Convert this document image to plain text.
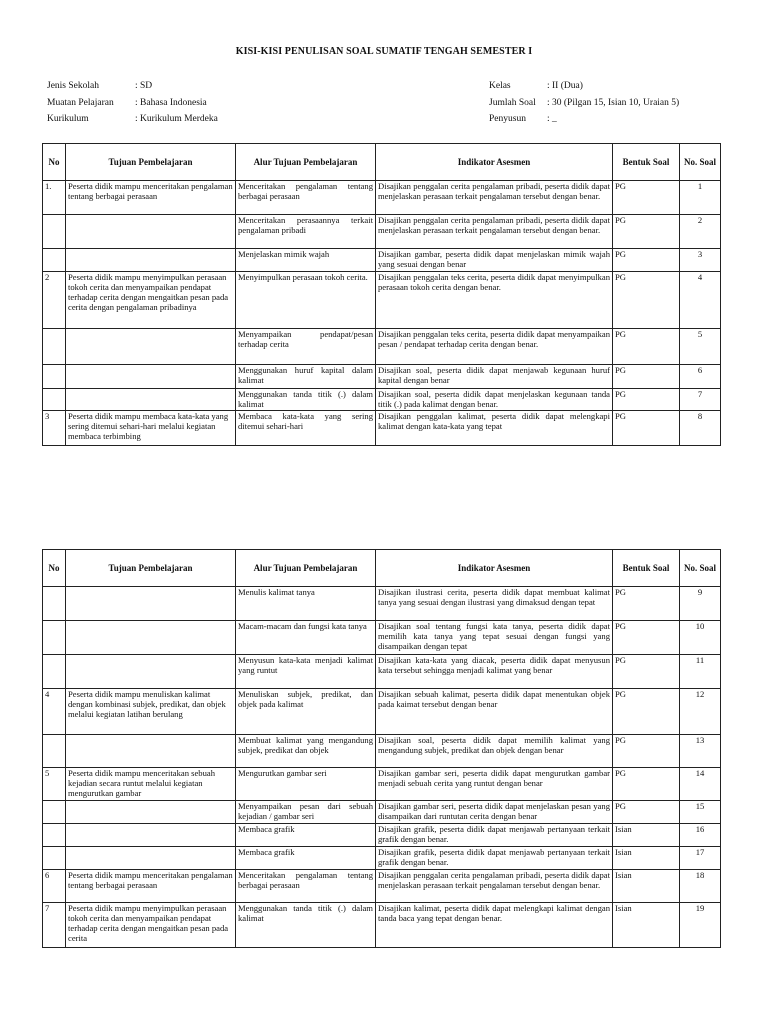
KISI-KISI PENULISAN SOAL SUMATIF TENGAH SEMESTER I
Jenis Sekolah	: SD
Muatan Pelajaran	: Bahasa Indonesia
Kurikulum	: Kurikulum Merdeka
Kelas	: II (Dua)
Jumlah Soal	: 30 (Pilgan 15, Isian 10, Uraian 5)
Penyusun	: _
No	Tujuan Pembelajaran	Alur Tujuan Pembelajaran	Indikator Asesmen	Bentuk Soal	No. Soal
1.	Peserta didik mampu menceritakan pengalaman tentang berbagai perasaan	Menceritakan pengalaman tentang berbagai perasaan	Disajikan penggalan cerita pengalaman pribadi, peserta didik dapat menjelaskan perasaan terkait pengalaman tersebut dengan benar.	PG	1
		Menceritakan perasaannya terkait pengalaman pribadi	Disajikan penggalan cerita pengalaman pribadi, peserta didik dapat menjelaskan perasaan terkait pengalaman tersebut dengan benar.	PG	2
		Menjelaskan mimik wajah	Disajikan gambar, peserta didik dapat menjelaskan mimik wajah yang sesuai dengan benar	PG	3
2	Peserta didik mampu menyimpulkan perasaan tokoh cerita dan menyampaikan pendapat terhadap cerita dengan mengaitkan pesan pada cerita dengan pengalaman pribadinya	Menyimpulkan perasaan tokoh cerita.	Disajikan penggalan teks cerita, peserta didik dapat menyimpulkan perasaan tokoh cerita dengan benar.	PG	4
		Menyampaikan pendapat/pesan terhadap cerita	Disajikan penggalan teks cerita, peserta didik dapat menyampaikan pesan / pendapat terhadap cerita dengan benar.	PG	5
		Menggunakan huruf kapital dalam kalimat	Disajikan soal, peserta didik dapat menjawab kegunaan huruf kapital dengan benar	PG	6
		Menggunakan tanda titik (.) dalam kalimat	Disajikan soal, peserta didik dapat menjelaskan kegunaan tanda titik (.) pada kalimat dengan benar.	PG	7
3	Peserta didik mampu membaca kata-kata yang sering ditemui sehari-hari melalui kegiatan membaca terbimbing	Membaca kata-kata yang sering ditemui sehari-hari	Disajikan penggalan kalimat, peserta didik dapat melengkapi kalimat dengan kata-kata yang tepat	PG	8
No	Tujuan Pembelajaran	Alur Tujuan Pembelajaran	Indikator Asesmen	Bentuk Soal	No. Soal
		Menulis kalimat tanya	Disajikan ilustrasi cerita, peserta didik dapat membuat kalimat tanya yang sesuai dengan ilustrasi yang dimaksud dengan tepat	PG	9
		Macam-macam dan fungsi kata tanya	Disajikan soal tentang fungsi kata tanya, peserta didik dapat memilih kata tanya yang tepat sesuai dengan fungsi yang disampaikan dengan tepat	PG	10
		Menyusun kata-kata menjadi kalimat yang runtut	Disajikan kata-kata yang diacak, peserta didik dapat menyusun kata tersebut sehingga menjadi kalimat yang benar	PG	11
4	Peserta didik mampu menuliskan kalimat dengan kombinasi subjek, predikat, dan objek melalui kegiatan latihan berulang	Menuliskan subjek, predikat, dan objek pada kalimat	Disajikan sebuah kalimat, peserta didik dapat menentukan objek pada kaimat tersebut dengan benar	PG	12
		Membuat kalimat yang mengandung subjek, predikat dan objek	Disajikan soal, peserta didik dapat memilih kalimat yang mengandung subjek, predikat dan objek dengan benar	PG	13
5	Peserta didik mampu menceritakan sebuah kejadian secara runtut melalui kegiatan mengurutkan gambar	Mengurutkan gambar seri	Disajikan gambar seri, peserta didik dapat mengurutkan gambar menjadi sebuah cerita yang runtut dengan benar	PG	14
		Menyampaikan pesan dari sebuah kejadian / gambar seri	Disajikan gambar seri, peserta didik dapat menjelaskan pesan yang disampaikan dari runtutan cerita dengan benar	PG	15
		Membaca grafik	Disajikan grafik, peserta didik dapat menjawab pertanyaan terkait grafik dengan benar.	Isian	16
		Membaca grafik	Disajikan grafik, peserta didik dapat menjawab pertanyaan terkait grafik dengan benar.	Isian	17
6	Peserta didik mampu menceritakan pengalaman tentang berbagai perasaan	Menceritakan pengalaman tentang berbagai perasaan	Disajikan penggalan cerita pengalaman pribadi, peserta didik dapat menjelaskan perasaan terkait pengalaman tersebut dengan benar.	Isian	18
7	Peserta didik mampu menyimpulkan perasaan tokoh cerita dan menyampaikan pendapat terhadap cerita dengan mengaitkan pesan pada cerita	Menggunakan tanda titik (.) dalam kalimat	Disajikan kalimat, peserta didik dapat melengkapi kalimat dengan tanda baca yang tepat dengan benar.	Isian	19
